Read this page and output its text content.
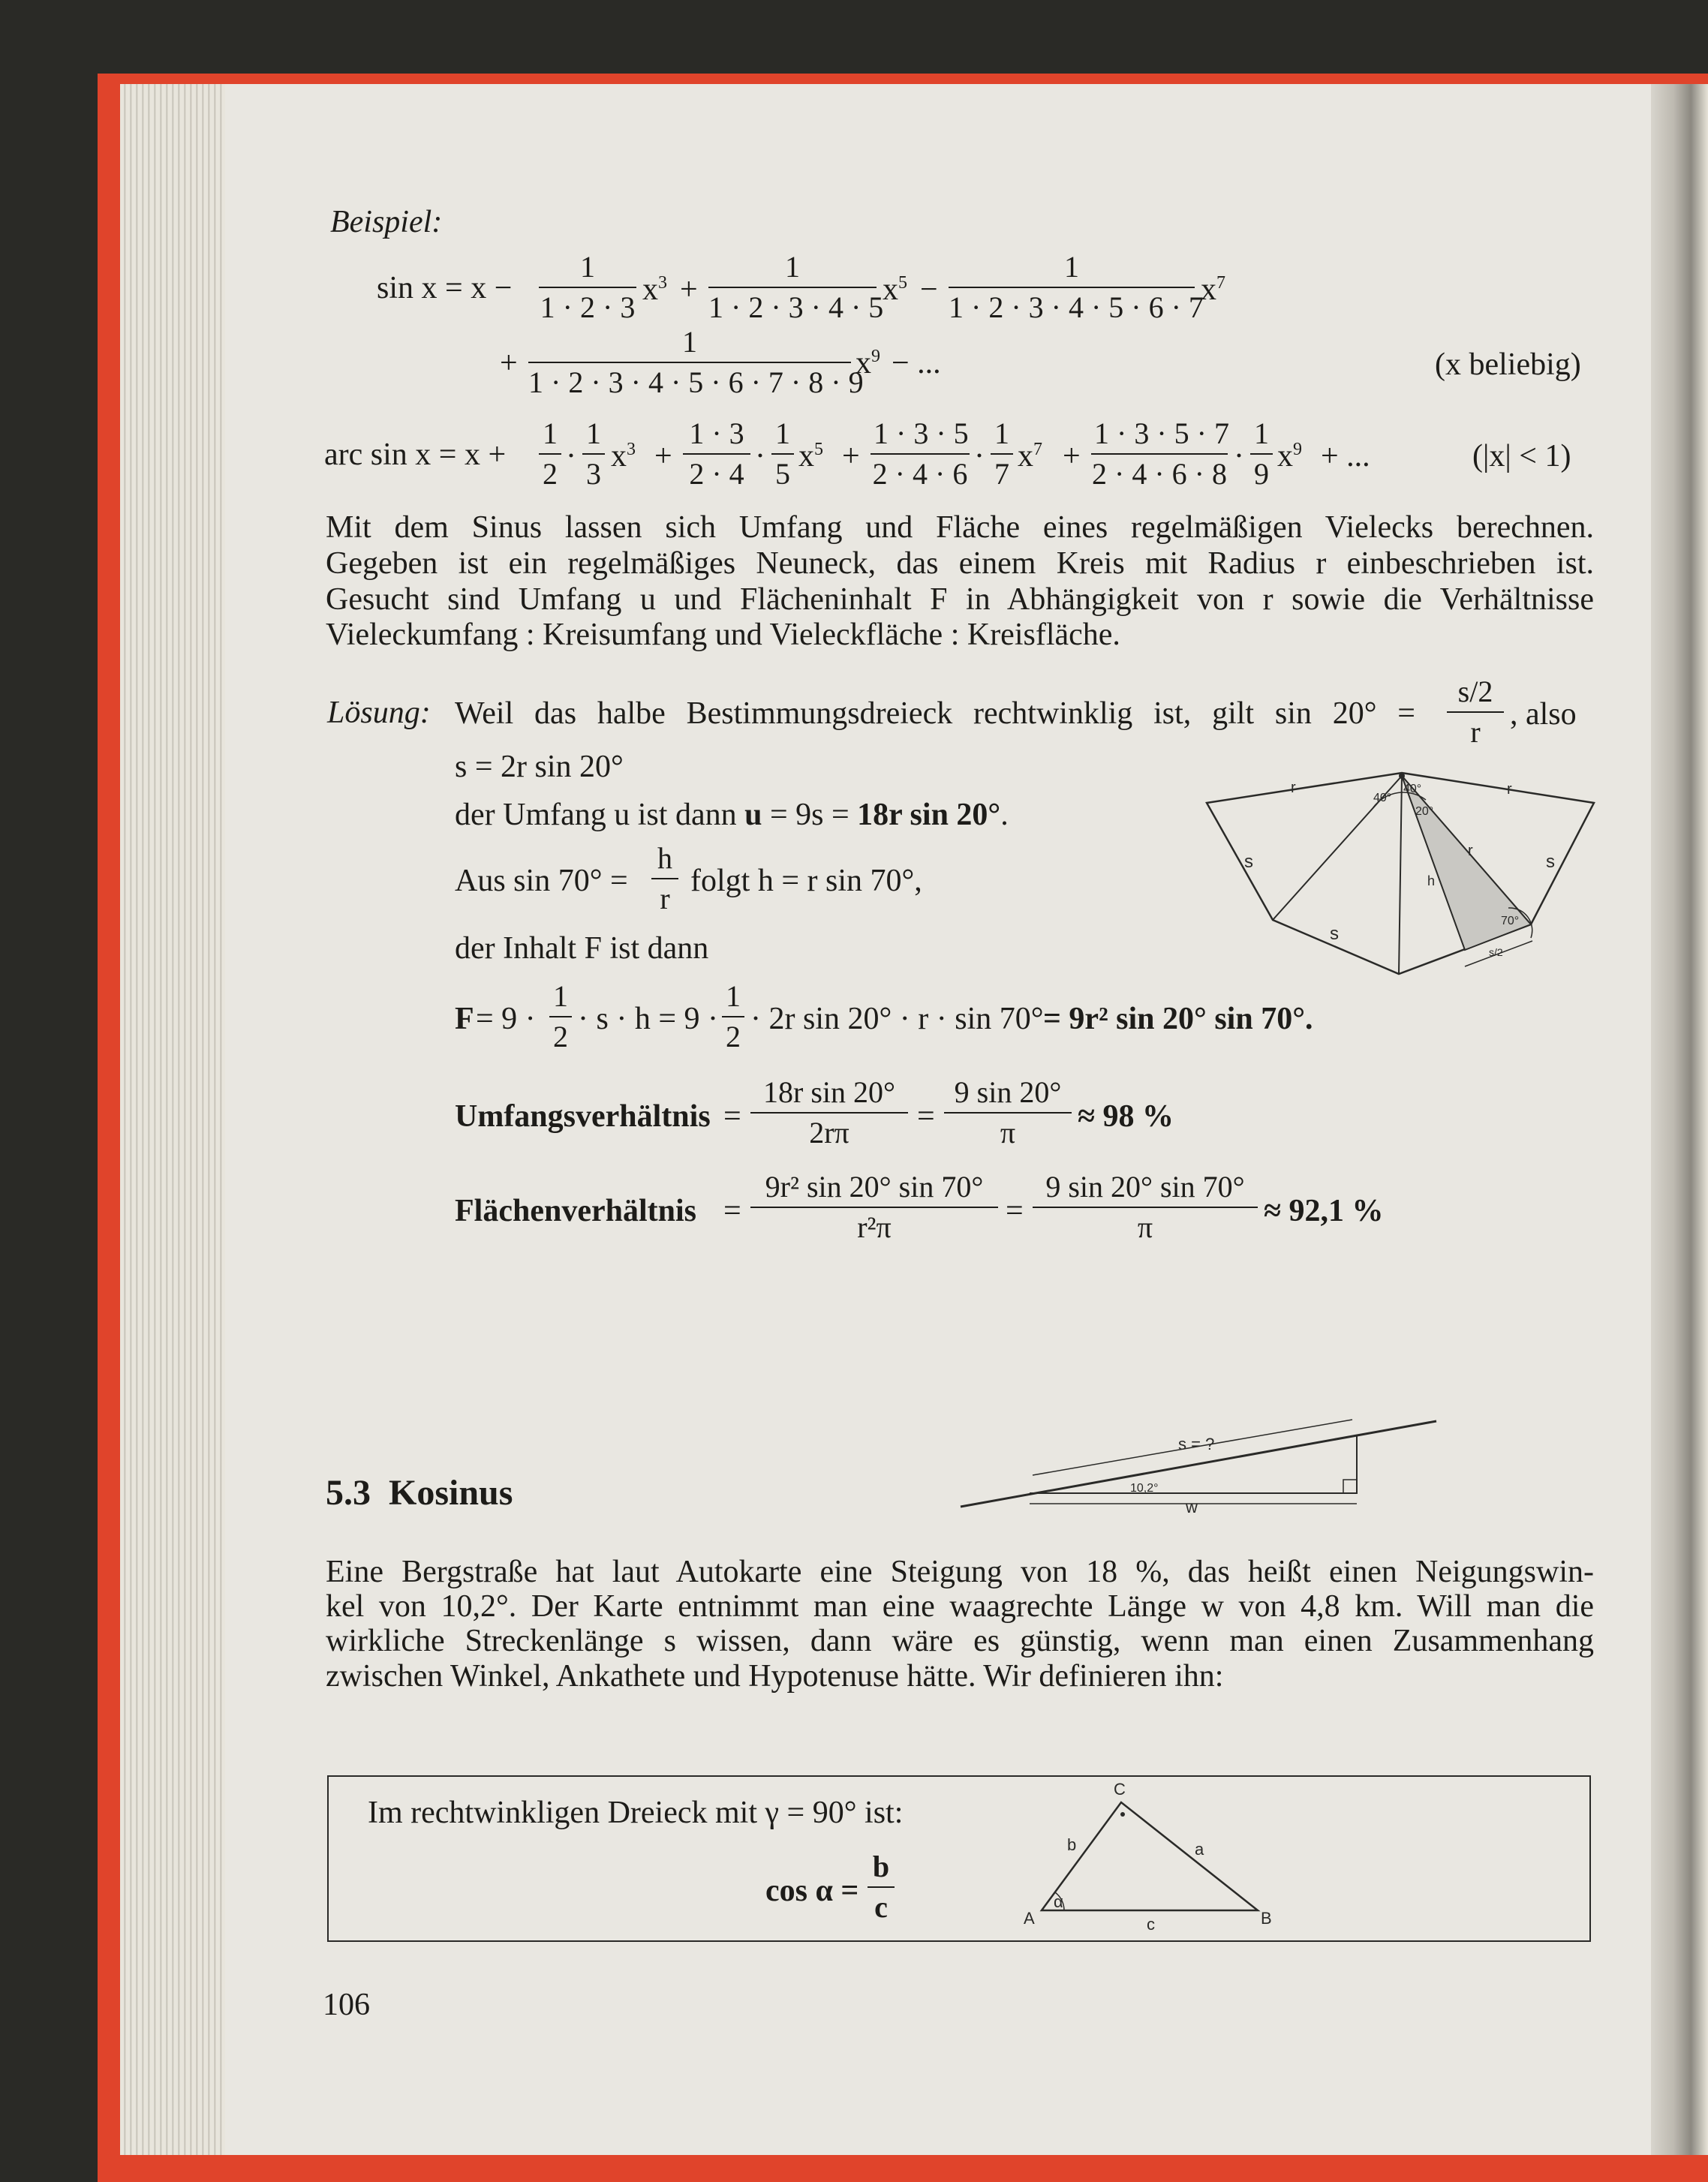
Beispiel:
sin x = x −
1
1 · 2 · 3
$x^3$ +
1
1 · 2 · 3 · 4 · 5
$x^5$ −
1
1 · 2 · 3 · 4 · 5 · 6 · 7
$x^7$
+
1
1 · 2 · 3 · 4 · 5 · 6 · 7 · 8 · 9
$x^9$ − ...	(x beliebig)
arc sin x = x +
1
2
·
1
3
$x^3$ +
1 · 3
2 · 4
·
1
5
$x^5$ +
1 · 3 · 5
2 · 4 · 6
·
1
7
$x^7$ +
1 · 3 · 5 · 7
2 · 4 · 6 · 8
·
1
9
$x^9$ + ...	(|x| < 1)
Mit dem Sinus lassen sich Umfang und Fläche eines regelmäßigen Vielecks berechnen.
Gegeben ist ein regelmäßiges Neuneck, das einem Kreis mit Radius r einbeschrieben ist.
Gesucht sind Umfang u und Flächeninhalt F in Abhängigkeit von r sowie die Verhältnisse
Vieleckumfang : Kreisumfang und Vieleckfläche : Kreisfläche.
Lösung: Weil das halbe Bestimmungsdreieck rechtwinklig ist, gilt sin 20° =
s/2
r
, also
s = 2r sin 20°
der Umfang u ist dann u = 9s = 18r sin 20°.
Aus sin 70° =
h
r
folgt h = r sin 70°,
der Inhalt F ist dann
F = 9 ·
1
2
· s · h = 9 ·
1
2
· 2r sin 20° · r · sin 70° = 9r² sin 20° sin 70°.
Umfangsverhältnis =
18r sin 20°
2rπ	=
9 sin 20°
π	≈ 98 %
Flächenverhältnis =
9r² sin 20° sin 70°
r²π	=
9 sin 20° sin 70°
π	≈ 92,1 %
r	r
r
s
s
s
h
40°
40°
20°
70°
s/2
s = ?
10,2°
w
5.3 Kosinus
Eine Bergstraße hat laut Autokarte eine Steigung von 18 %, das heißt einen Neigungswin-
kel von 10,2°. Der Karte entnimmt man eine waagrechte Länge w von 4,8 km. Will man die
wirkliche Streckenlänge s wissen, dann wäre es günstig, wenn man einen Zusammenhang
zwischen Winkel, Ankathete und Hypotenuse hätte. Wir definieren ihn:
Im rechtwinkligen Dreieck mit γ = 90° ist:
cos α =
b
c	A	B
C
a
b
c
α
106
